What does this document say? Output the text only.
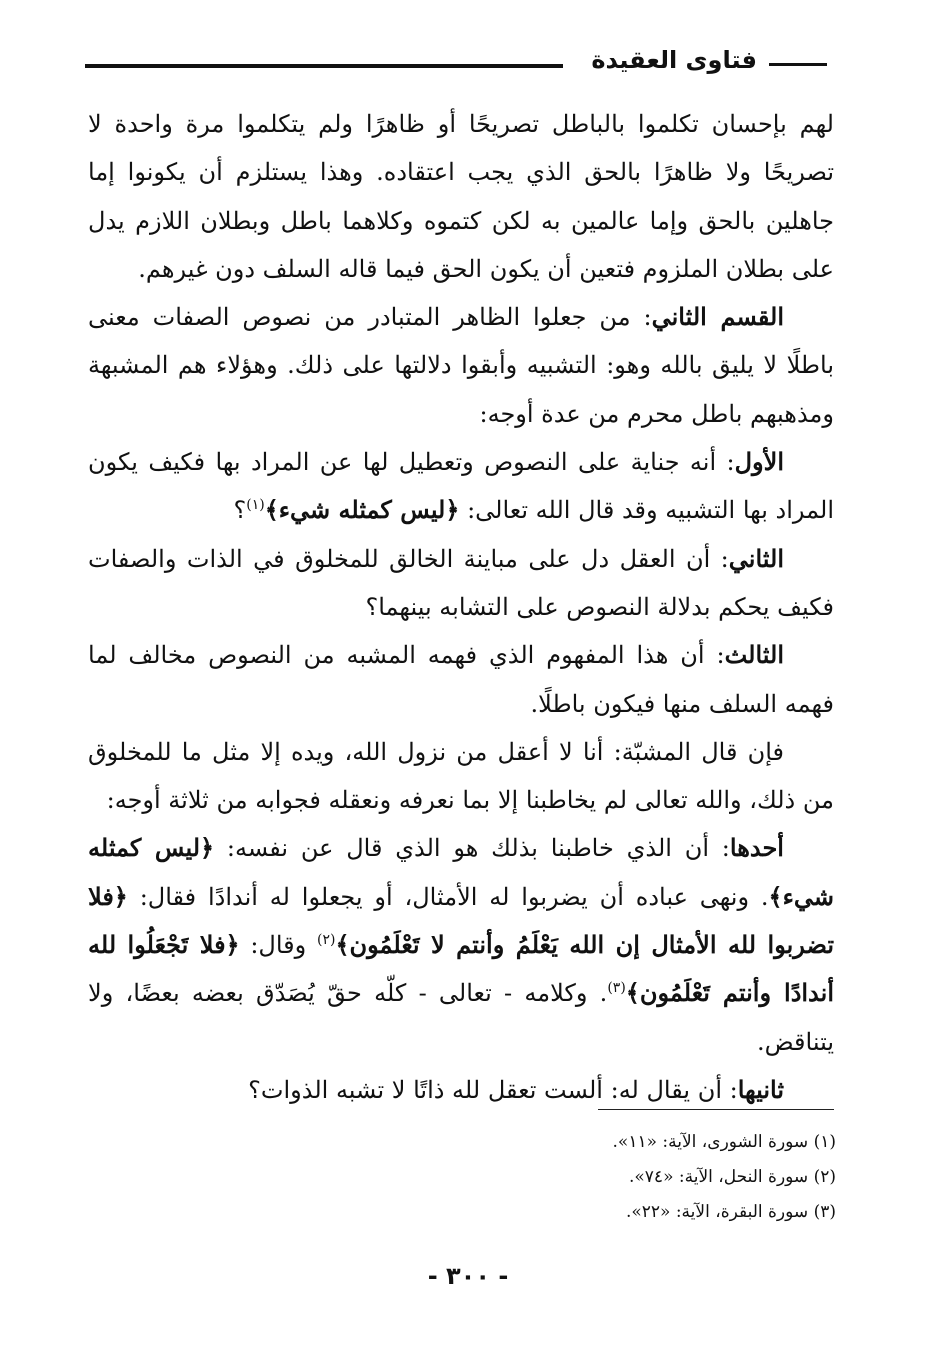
فتاوى العقيدة

لهم بإحسان تكلموا بالباطل تصريحًا أو ظاهرًا ولم يتكلموا مرة واحدة لا تصريحًا ولا ظاهرًا بالحق الذي يجب اعتقاده. وهذا يستلزم أن يكونوا إما جاهلين بالحق وإما عالمين به لكن كتموه وكلاهما باطل وبطلان اللازم يدل على بطلان الملزوم فتعين أن يكون الحق فيما قاله السلف دون غيرهم.

القسم الثاني: من جعلوا الظاهر المتبادر من نصوص الصفات معنى باطلًا لا يليق بالله وهو: التشبيه وأبقوا دلالتها على ذلك. وهؤلاء هم المشبهة ومذهبهم باطل محرم من عدة أوجه:

الأول: أنه جناية على النصوص وتعطيل لها عن المراد بها فكيف يكون المراد بها التشبيه وقد قال الله تعالى: ﴿ليس كمثله شيء﴾$^{(١)}$؟

الثاني: أن العقل دل على مباينة الخالق للمخلوق في الذات والصفات فكيف يحكم بدلالة النصوص على التشابه بينهما؟

الثالث: أن هذا المفهوم الذي فهمه المشبه من النصوص مخالف لما فهمه السلف منها فيكون باطلًا.

فإن قال المشبّة: أنا لا أعقل من نزول الله، ويده إلا مثل ما للمخلوق من ذلك، والله تعالى لم يخاطبنا إلا بما نعرفه ونعقله فجوابه من ثلاثة أوجه:

أحدها: أن الذي خاطبنا بذلك هو الذي قال عن نفسه: ﴿ليس كمثله شيء﴾. ونهى عباده أن يضربوا له الأمثال، أو يجعلوا له أندادًا فقال: ﴿فلا تضربوا لله الأمثال إن الله يَعْلَمُ وأنتم لا تَعْلَمُون﴾$^{(٢)}$ وقال: ﴿فلا تَجْعَلُوا لله أندادًا وأنتم تَعْلَمُون﴾$^{(٣)}$. وكلامه - تعالى - كلّه حقّ يُصَدّق بعضه بعضًا، ولا يتناقض.

ثانيها: أن يقال له: ألست تعقل لله ذاتًا لا تشبه الذوات؟

(١) سورة الشورى، الآية: «١١».
(٢) سورة النحل، الآية: «٧٤».
(٣) سورة البقرة، الآية: «٢٢».
- ٣٠٠ -
